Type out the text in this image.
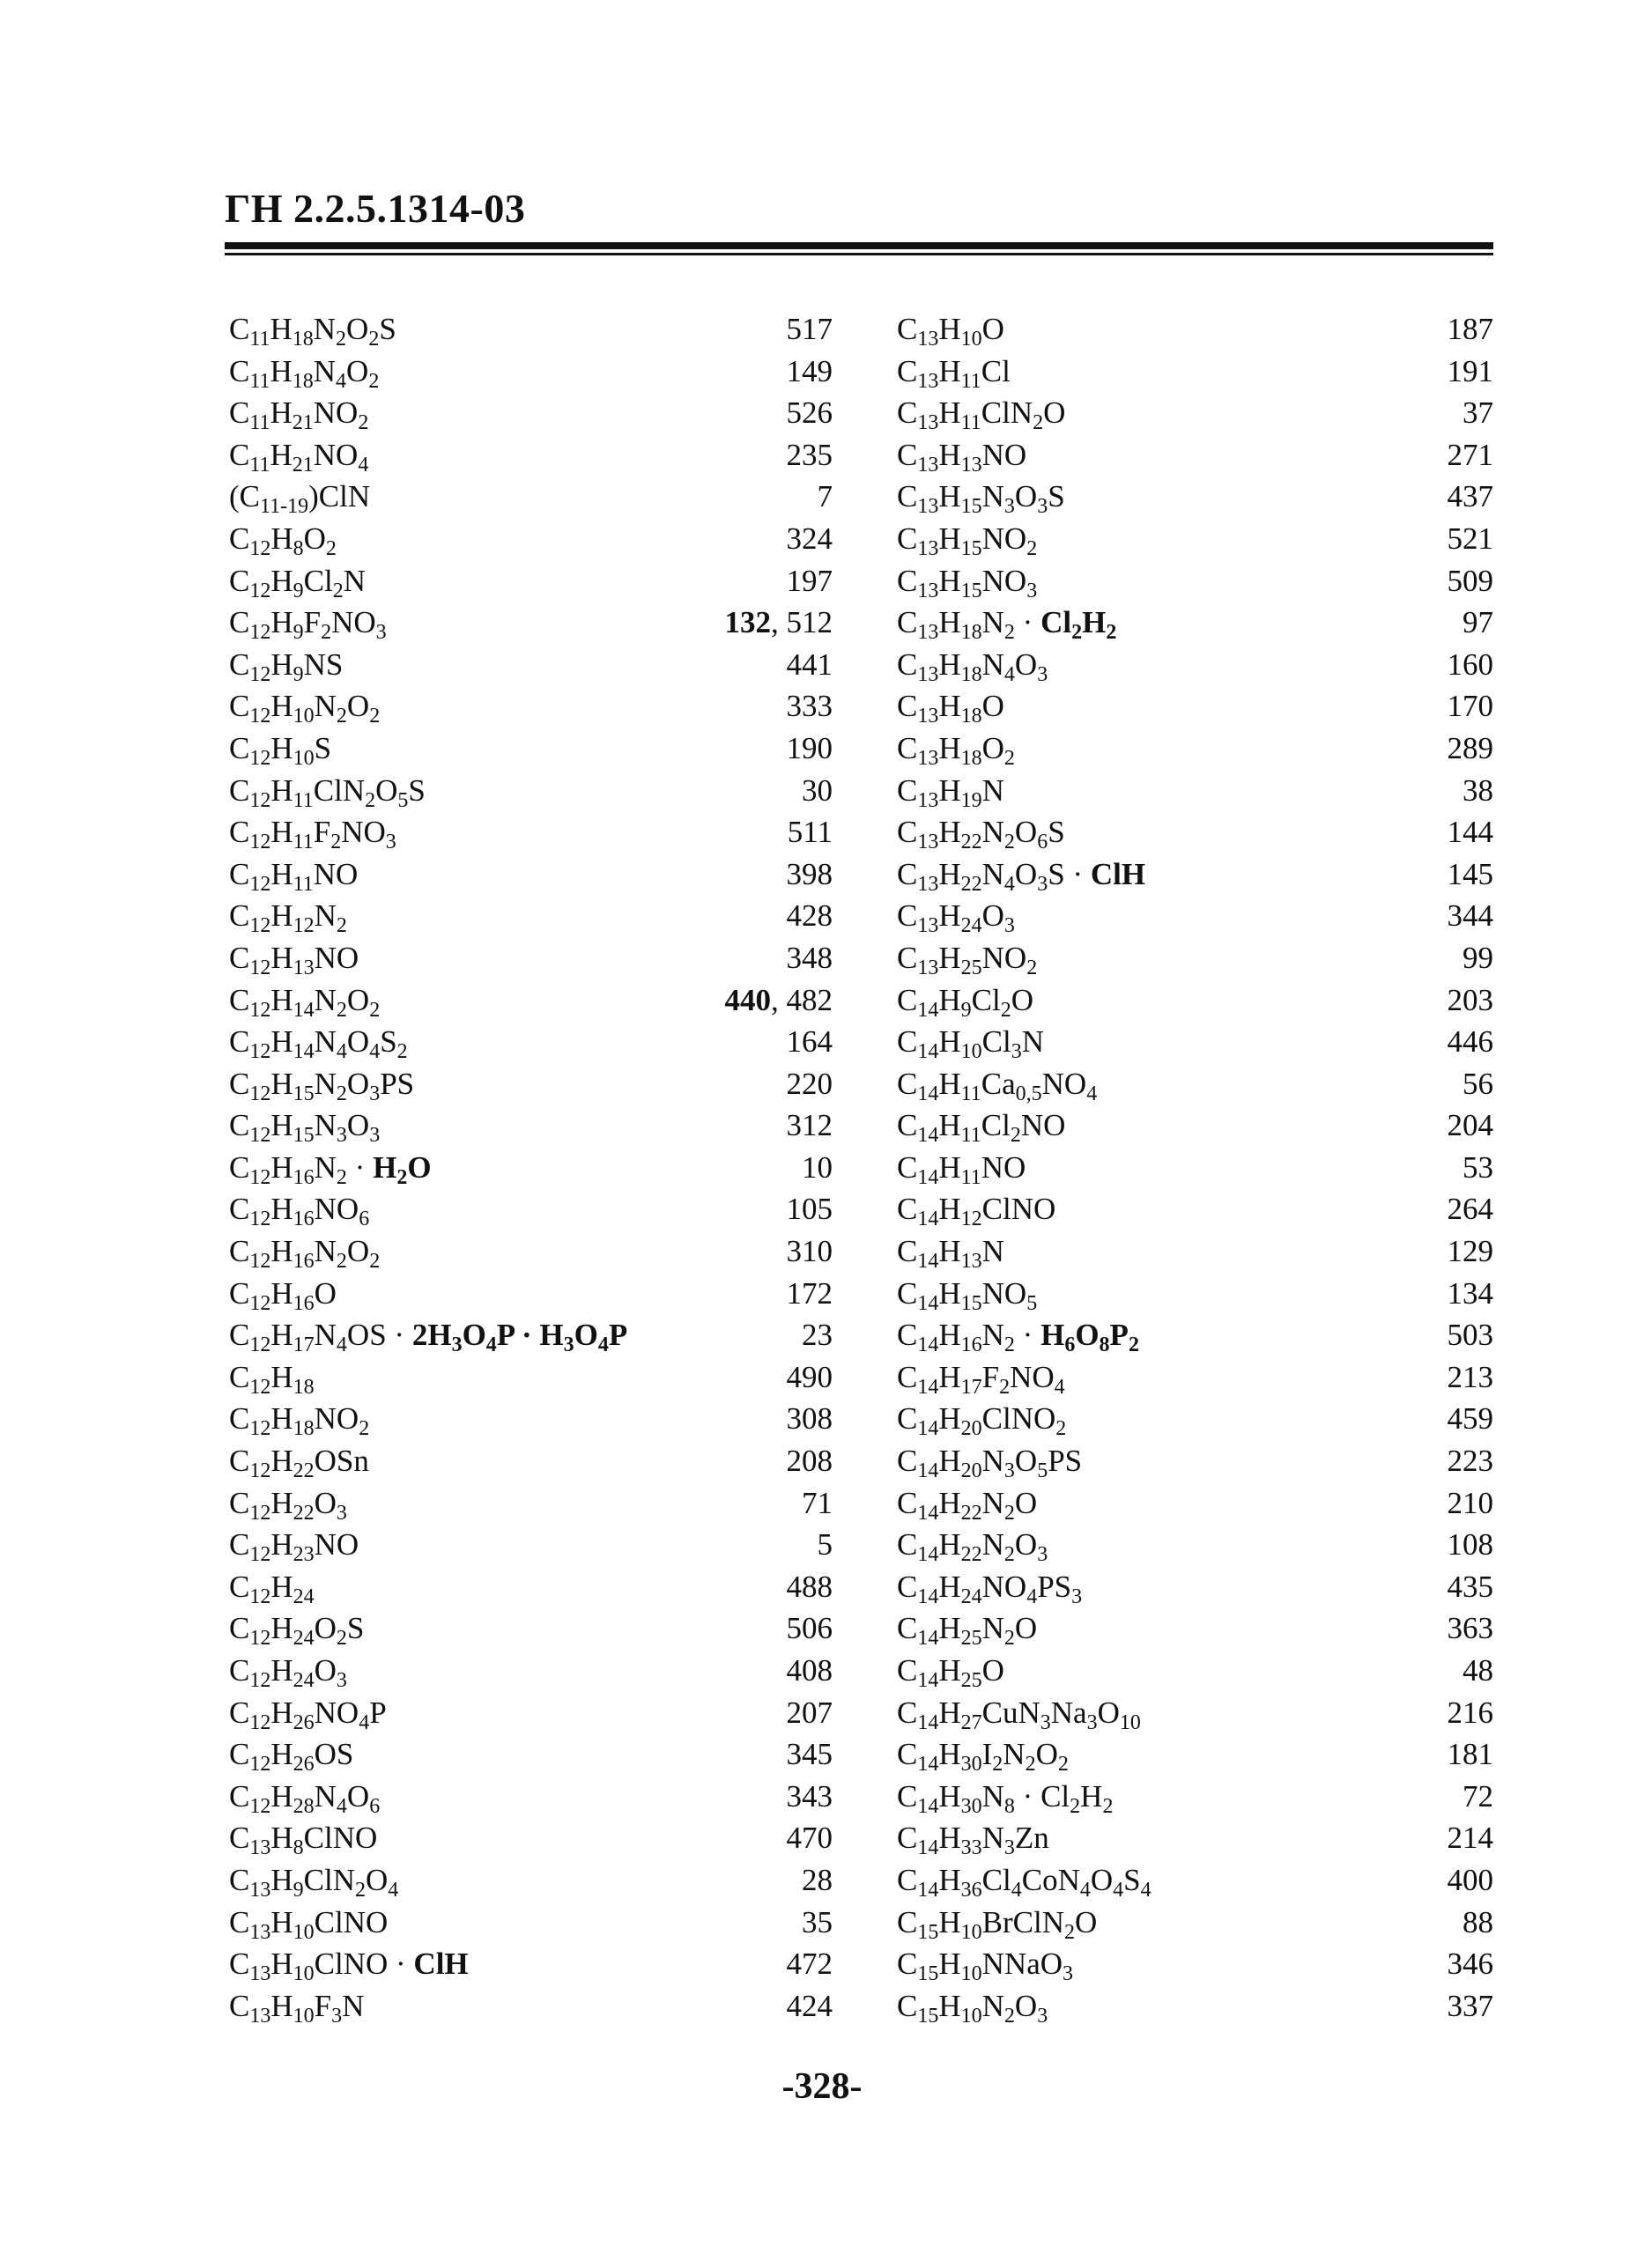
ГН 2.2.5.1314-03
$C_{11}H_{18}N_2O_2S$	517
$C_{11}H_{18}N_4O_2$	149
$C_{11}H_{21}NO_2$	526
$C_{11}H_{21}NO_4$	235
$(C_{11-19})ClN$	7
$C_{12}H_8O_2$	324
$C_{12}H_9Cl_2N$	197
$C_{12}H_9F_2NO_3$	132, 512
$C_{12}H_9NS$	441
$C_{12}H_{10}N_2O_2$	333
$C_{12}H_{10}S$	190
$C_{12}H_{11}ClN_2O_5S$	30
$C_{12}H_{11}F_2NO_3$	511
$C_{12}H_{11}NO$	398
$C_{12}H_{12}N_2$	428
$C_{12}H_{13}NO$	348
$C_{12}H_{14}N_2O_2$	440, 482
$C_{12}H_{14}N_4O_4S_2$	164
$C_{12}H_{15}N_2O_3PS$	220
$C_{12}H_{15}N_3O_3$	312
$C_{12}H_{16}N_2 \cdot H_2O$	10
$C_{12}H_{16}NO_6$	105
$C_{12}H_{16}N_2O_2$	310
$C_{12}H_{16}O$	172
$C_{12}H_{17}N_4OS \cdot 2H_3O_4P \cdot H_3O_4P$	23
$C_{12}H_{18}$	490
$C_{12}H_{18}NO_2$	308
$C_{12}H_{22}OSn$	208
$C_{12}H_{22}O_3$	71
$C_{12}H_{23}NO$	5
$C_{12}H_{24}$	488
$C_{12}H_{24}O_2S$	506
$C_{12}H_{24}O_3$	408
$C_{12}H_{26}NO_4P$	207
$C_{12}H_{26}OS$	345
$C_{12}H_{28}N_4O_6$	343
$C_{13}H_8ClNO$	470
$C_{13}H_9ClN_2O_4$	28
$C_{13}H_{10}ClNO$	35
$C_{13}H_{10}ClNO$ · ClH	472
$C_{13}H_{10}F_3N$	424
$C_{13}H_{10}O$	187
$C_{13}H_{11}Cl$	191
$C_{13}H_{11}ClN_2O$	37
$C_{13}H_{13}NO$	271
$C_{13}H_{15}N_3O_3S$	437
$C_{13}H_{15}NO_2$	521
$C_{13}H_{15}NO_3$	509
$C_{13}H_{18}N_2 \cdot Cl_2H_2$	97
$C_{13}H_{18}N_4O_3$	160
$C_{13}H_{18}O$	170
$C_{13}H_{18}O_2$	289
$C_{13}H_{19}N$	38
$C_{13}H_{22}N_2O_6S$	144
$C_{13}H_{22}N_4O_3S$ · ClH	145
$C_{13}H_{24}O_3$	344
$C_{13}H_{25}NO_2$	99
$C_{14}H_9Cl_2O$	203
$C_{14}H_{10}Cl_3N$	446
$C_{14}H_{11}Ca_{0,5}NO_4$	56
$C_{14}H_{11}Cl_2NO$	204
$C_{14}H_{11}NO$	53
$C_{14}H_{12}ClNO$	264
$C_{14}H_{13}N$	129
$C_{14}H_{15}NO_5$	134
$C_{14}H_{16}N_2 \cdot H_6O_8P_2$	503
$C_{14}H_{17}F_2NO_4$	213
$C_{14}H_{20}ClNO_2$	459
$C_{14}H_{20}N_3O_5PS$	223
$C_{14}H_{22}N_2O$	210
$C_{14}H_{22}N_2O_3$	108
$C_{14}H_{24}NO_4PS_3$	435
$C_{14}H_{25}N_2O$	363
$C_{14}H_{25}O$	48
$C_{14}H_{27}CuN_3Na_3O_{10}$	216
$C_{14}H_{30}I_2N_2O_2$	181
$C_{14}H_{30}N_8 \cdot Cl_2H_2$	72
$C_{14}H_{33}N_3Zn$	214
$C_{14}H_{36}Cl_4CoN_4O_4S_4$	400
$C_{15}H_{10}BrClN_2O$	88
$C_{15}H_{10}NNaO_3$	346
$C_{15}H_{10}N_2O_3$	337
-328-
